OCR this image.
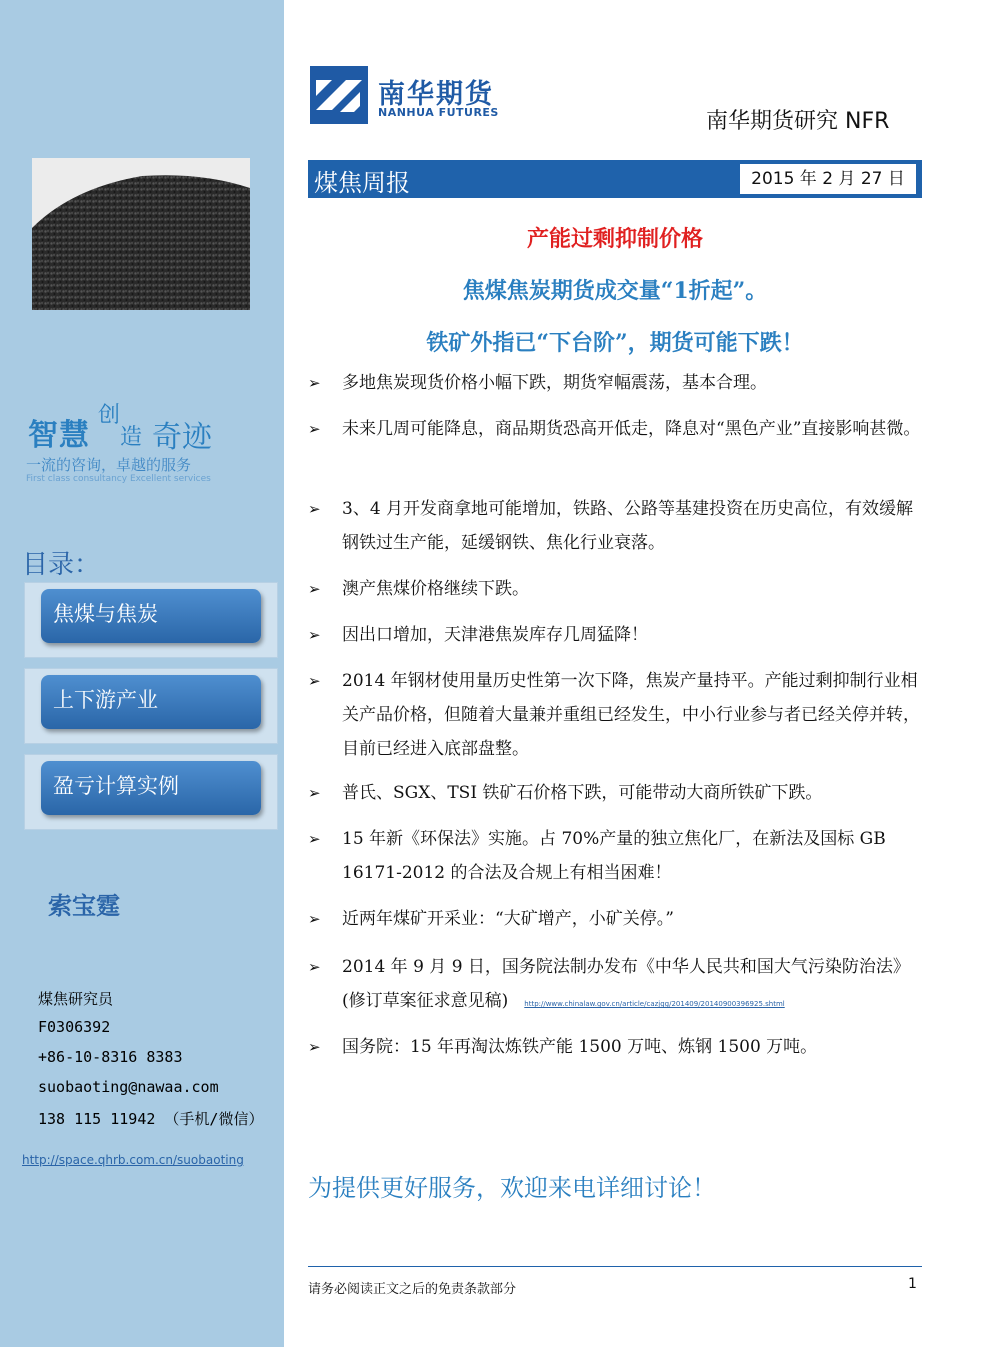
智慧
创
造 奇迹
一流的咨询，卓越的服务
First class consultancy Excellent services
目录：
焦煤与焦炭
上下游产业
盈亏计算实例
索宝霆
煤焦研究员
F0306392
+86-10-8316 8383
suobaoting@nawaa.com
138 115 11942 （手机/微信）
http://space.qhrb.com.cn/suobaoting
南华期货
NANHUA FUTURES	南华期货研究 NFR
煤焦周报	2015 年 2 月 27 日
产能过剩抑制价格
焦煤焦炭期货成交量“1折起”。
铁矿外指已“下台阶”，期货可能下跌！
➢	多地焦炭现货价格小幅下跌，期货窄幅震荡，基本合理。
➢	未来几周可能降息，商品期货恐高开低走，降息对“黑色产业”直接影响甚微。
➢	3、4 月开发商拿地可能增加，铁路、公路等基建投资在历史高位，有效缓解钢铁过生产能，延缓钢铁、焦化行业衰落。
➢	澳产焦煤价格继续下跌。
➢	因出口增加，天津港焦炭库存几周猛降！
➢	2014 年钢材使用量历史性第一次下降，焦炭产量持平。产能过剩抑制行业相关产品价格，但随着大量兼并重组已经发生，中小行业参与者已经关停并转，目前已经进入底部盘整。
➢	普氏、SGX、TSI 铁矿石价格下跌，可能带动大商所铁矿下跌。
➢	15 年新《环保法》实施。占 70%产量的独立焦化厂，在新法及国标 GB 16171-2012 的合法及合规上有相当困难！
➢	近两年煤矿开采业：“大矿增产，小矿关停。”
➢	2014 年 9 月 9 日，国务院法制办发布《中华人民共和国大气污染防治法》(修订草案征求意见稿) http://www.chinalaw.gov.cn/article/cazjgg/201409/20140900396925.shtml
➢	国务院：15 年再淘汰炼铁产能 1500 万吨、炼钢 1500 万吨。
为提供更好服务，欢迎来电详细讨论！
请务必阅读正文之后的免责条款部分	1
